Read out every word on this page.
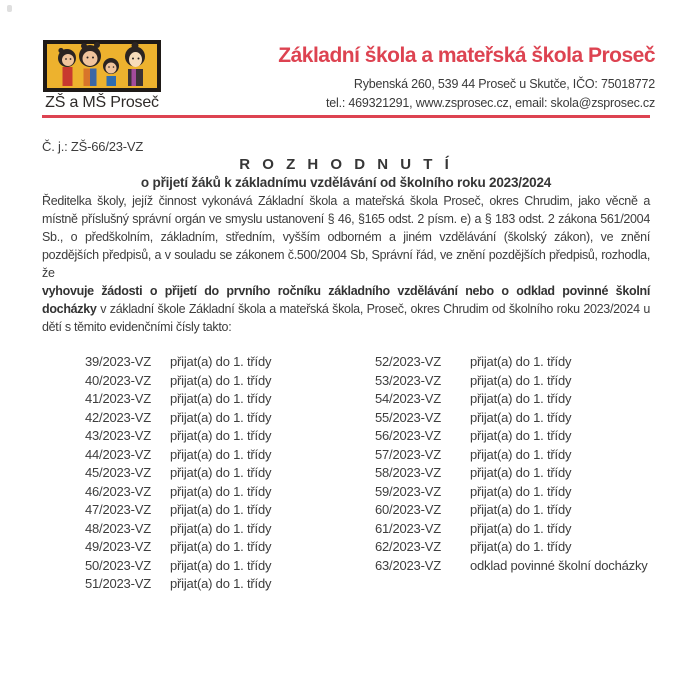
ZŠ a MŠ Proseč
Základní škola a mateřská škola Proseč
Rybenská 260, 539 44 Proseč u Skutče, IČO: 75018772
tel.: 469321291, www.zsprosec.cz, email: skola@zsprosec.cz
Č. j.: ZŠ-66/23-VZ
R O Z H O D N U T Í
o přijetí žáků k základnímu vzdělávání od školního roku 2023/2024

Ředitelka školy, jejíž činnost vykonává Základní škola a mateřská škola Proseč, okres Chrudim, jako věcně a místně příslušný správní orgán ve smyslu ustanovení § 46, §165 odst. 2 písm. e) a § 183 odst. 2 zákona 561/2004 Sb., o předškolním, základním, středním, vyšším odborném a jiném vzdělávání (školský zákon), ve znění pozdějších předpisů, a v souladu se zákonem č.500/2004 Sb, Správní řád, ve znění pozdějších předpisů, rozhodla, že

vyhovuje žádosti o přijetí do prvního ročníku základního vzdělávání nebo o odklad povinné školní docházky v základní škole Základní škola a mateřská škola, Proseč, okres Chrudim od školního roku 2023/2024 u dětí s těmito evidenčními čísly takto:

39/2023-VZ	přijat(a) do 1. třídy
40/2023-VZ	přijat(a) do 1. třídy
41/2023-VZ	přijat(a) do 1. třídy
42/2023-VZ	přijat(a) do 1. třídy
43/2023-VZ	přijat(a) do 1. třídy
44/2023-VZ	přijat(a) do 1. třídy
45/2023-VZ	přijat(a) do 1. třídy
46/2023-VZ	přijat(a) do 1. třídy
47/2023-VZ	přijat(a) do 1. třídy
48/2023-VZ	přijat(a) do 1. třídy
49/2023-VZ	přijat(a) do 1. třídy
50/2023-VZ	přijat(a) do 1. třídy
51/2023-VZ	přijat(a) do 1. třídy
52/2023-VZ	přijat(a) do 1. třídy
53/2023-VZ	přijat(a) do 1. třídy
54/2023-VZ	přijat(a) do 1. třídy
55/2023-VZ	přijat(a) do 1. třídy
56/2023-VZ	přijat(a) do 1. třídy
57/2023-VZ	přijat(a) do 1. třídy
58/2023-VZ	přijat(a) do 1. třídy
59/2023-VZ	přijat(a) do 1. třídy
60/2023-VZ	přijat(a) do 1. třídy
61/2023-VZ	přijat(a) do 1. třídy
62/2023-VZ	přijat(a) do 1. třídy
63/2023-VZ	odklad povinné školní docházky
